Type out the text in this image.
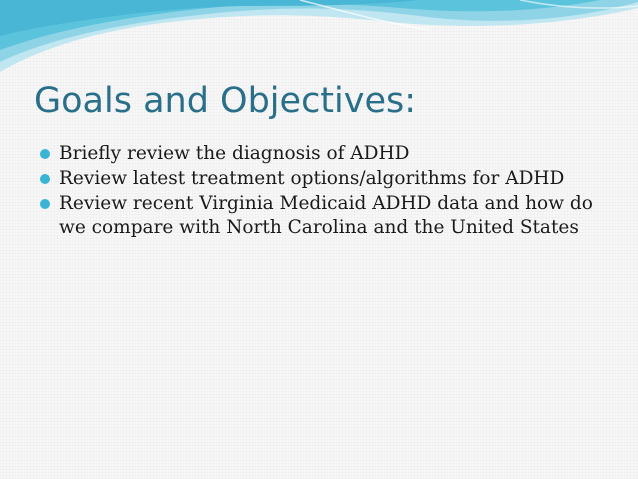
Goals and Objectives:
Briefly review the diagnosis of ADHD
Review latest treatment options/algorithms for ADHD
Review recent Virginia Medicaid ADHD data and how do we compare with North Carolina and the United States
